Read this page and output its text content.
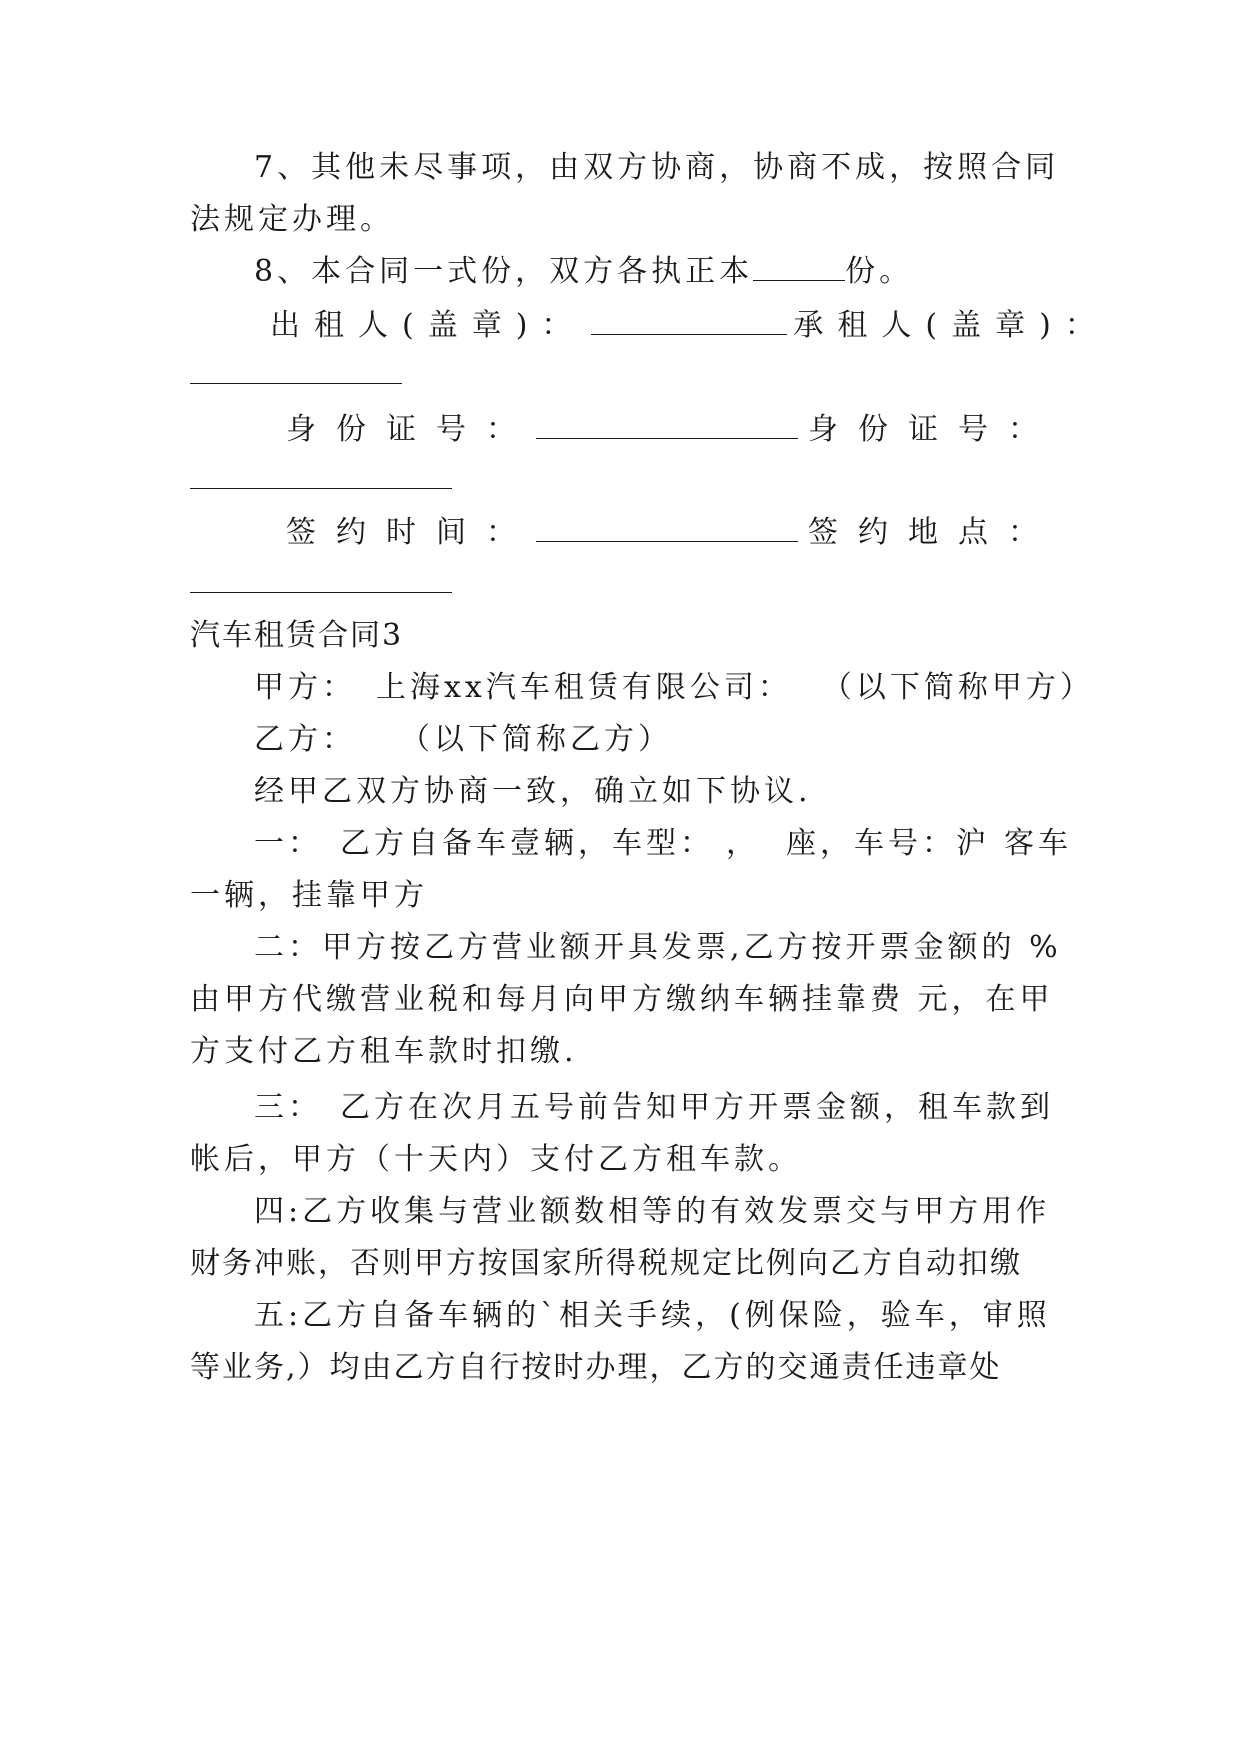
7、其他未尽事项，由双方协商，协商不成，按照合同
法规定办理。
8、本合同一式份，双方各执正本	份。
出租人(盖章)：	承租人(盖章)：
身份证号：	身份证号：
签约时间：	签约地点：
汽车租赁合同3
甲方： 上海xx汽车租赁有限公司： （以下简称甲方）
乙方： （以下简称乙方）
经甲乙双方协商一致，确立如下协议.
一： 乙方自备车壹辆，车型： ， 座，车号：沪 客车
一辆，挂靠甲方
二：甲方按乙方营业额开具发票,乙方按开票金额的 %
由甲方代缴营业税和每月向甲方缴纳车辆挂靠费 元，在甲
方支付乙方租车款时扣缴.
三： 乙方在次月五号前告知甲方开票金额，租车款到
帐后，甲方（十天内）支付乙方租车款。
四:乙方收集与营业额数相等的有效发票交与甲方用作
财务冲账，否则甲方按国家所得税规定比例向乙方自动扣缴
五:乙方自备车辆的`相关手续，(例保险，验车，审照
等业务,）均由乙方自行按时办理，乙方的交通责任违章处
